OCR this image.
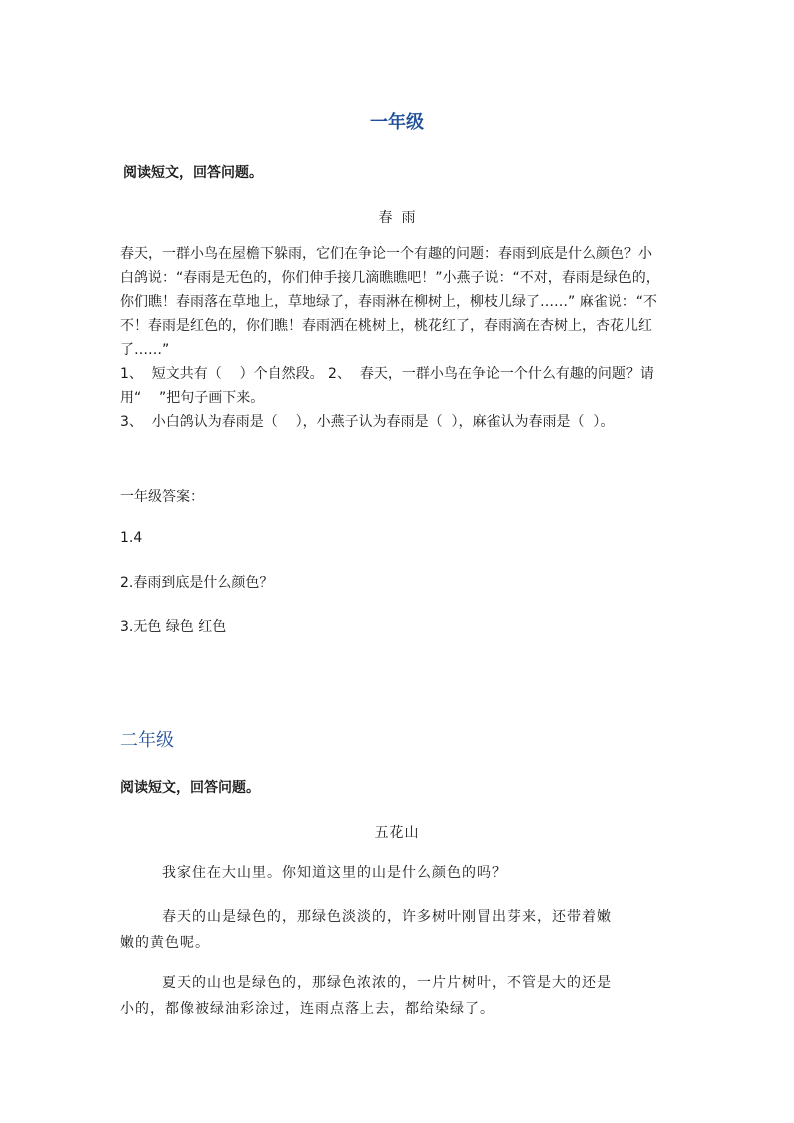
一年级
阅读短文，回答问题。
春  雨
春天，一群小鸟在屋檐下躲雨，它们在争论一个有趣的问题：春雨到底是什么颜色？小
白鸽说：“春雨是无色的，你们伸手接几滴瞧瞧吧！”小燕子说：“不对，春雨是绿色的，
你们瞧！春雨落在草地上，草地绿了，春雨淋在柳树上，柳枝儿绿了……” 麻雀说：“不
不！春雨是红色的，你们瞧！春雨洒在桃树上，桃花红了，春雨滴在杏树上，杏花儿红
了……”
1、  短文共有（    ）个自然段。 2、  春天，一群小鸟在争论一个什么有趣的问题？请
用“    ”把句子画下来。
3、  小白鸽认为春雨是（    ），小燕子认为春雨是（  ），麻雀认为春雨是（  ）。
一年级答案：
1.4
2.春雨到底是什么颜色？
3.无色 绿色 红色
二年级
阅读短文，回答问题。
五花山
我家住在大山里。你知道这里的山是什么颜色的吗？
春天的山是绿色的，那绿色淡淡的，许多树叶刚冒出芽来，还带着嫩
嫩的黄色呢。
夏天的山也是绿色的，那绿色浓浓的，一片片树叶，不管是大的还是
小的，都像被绿油彩涂过，连雨点落上去，都给染绿了。
